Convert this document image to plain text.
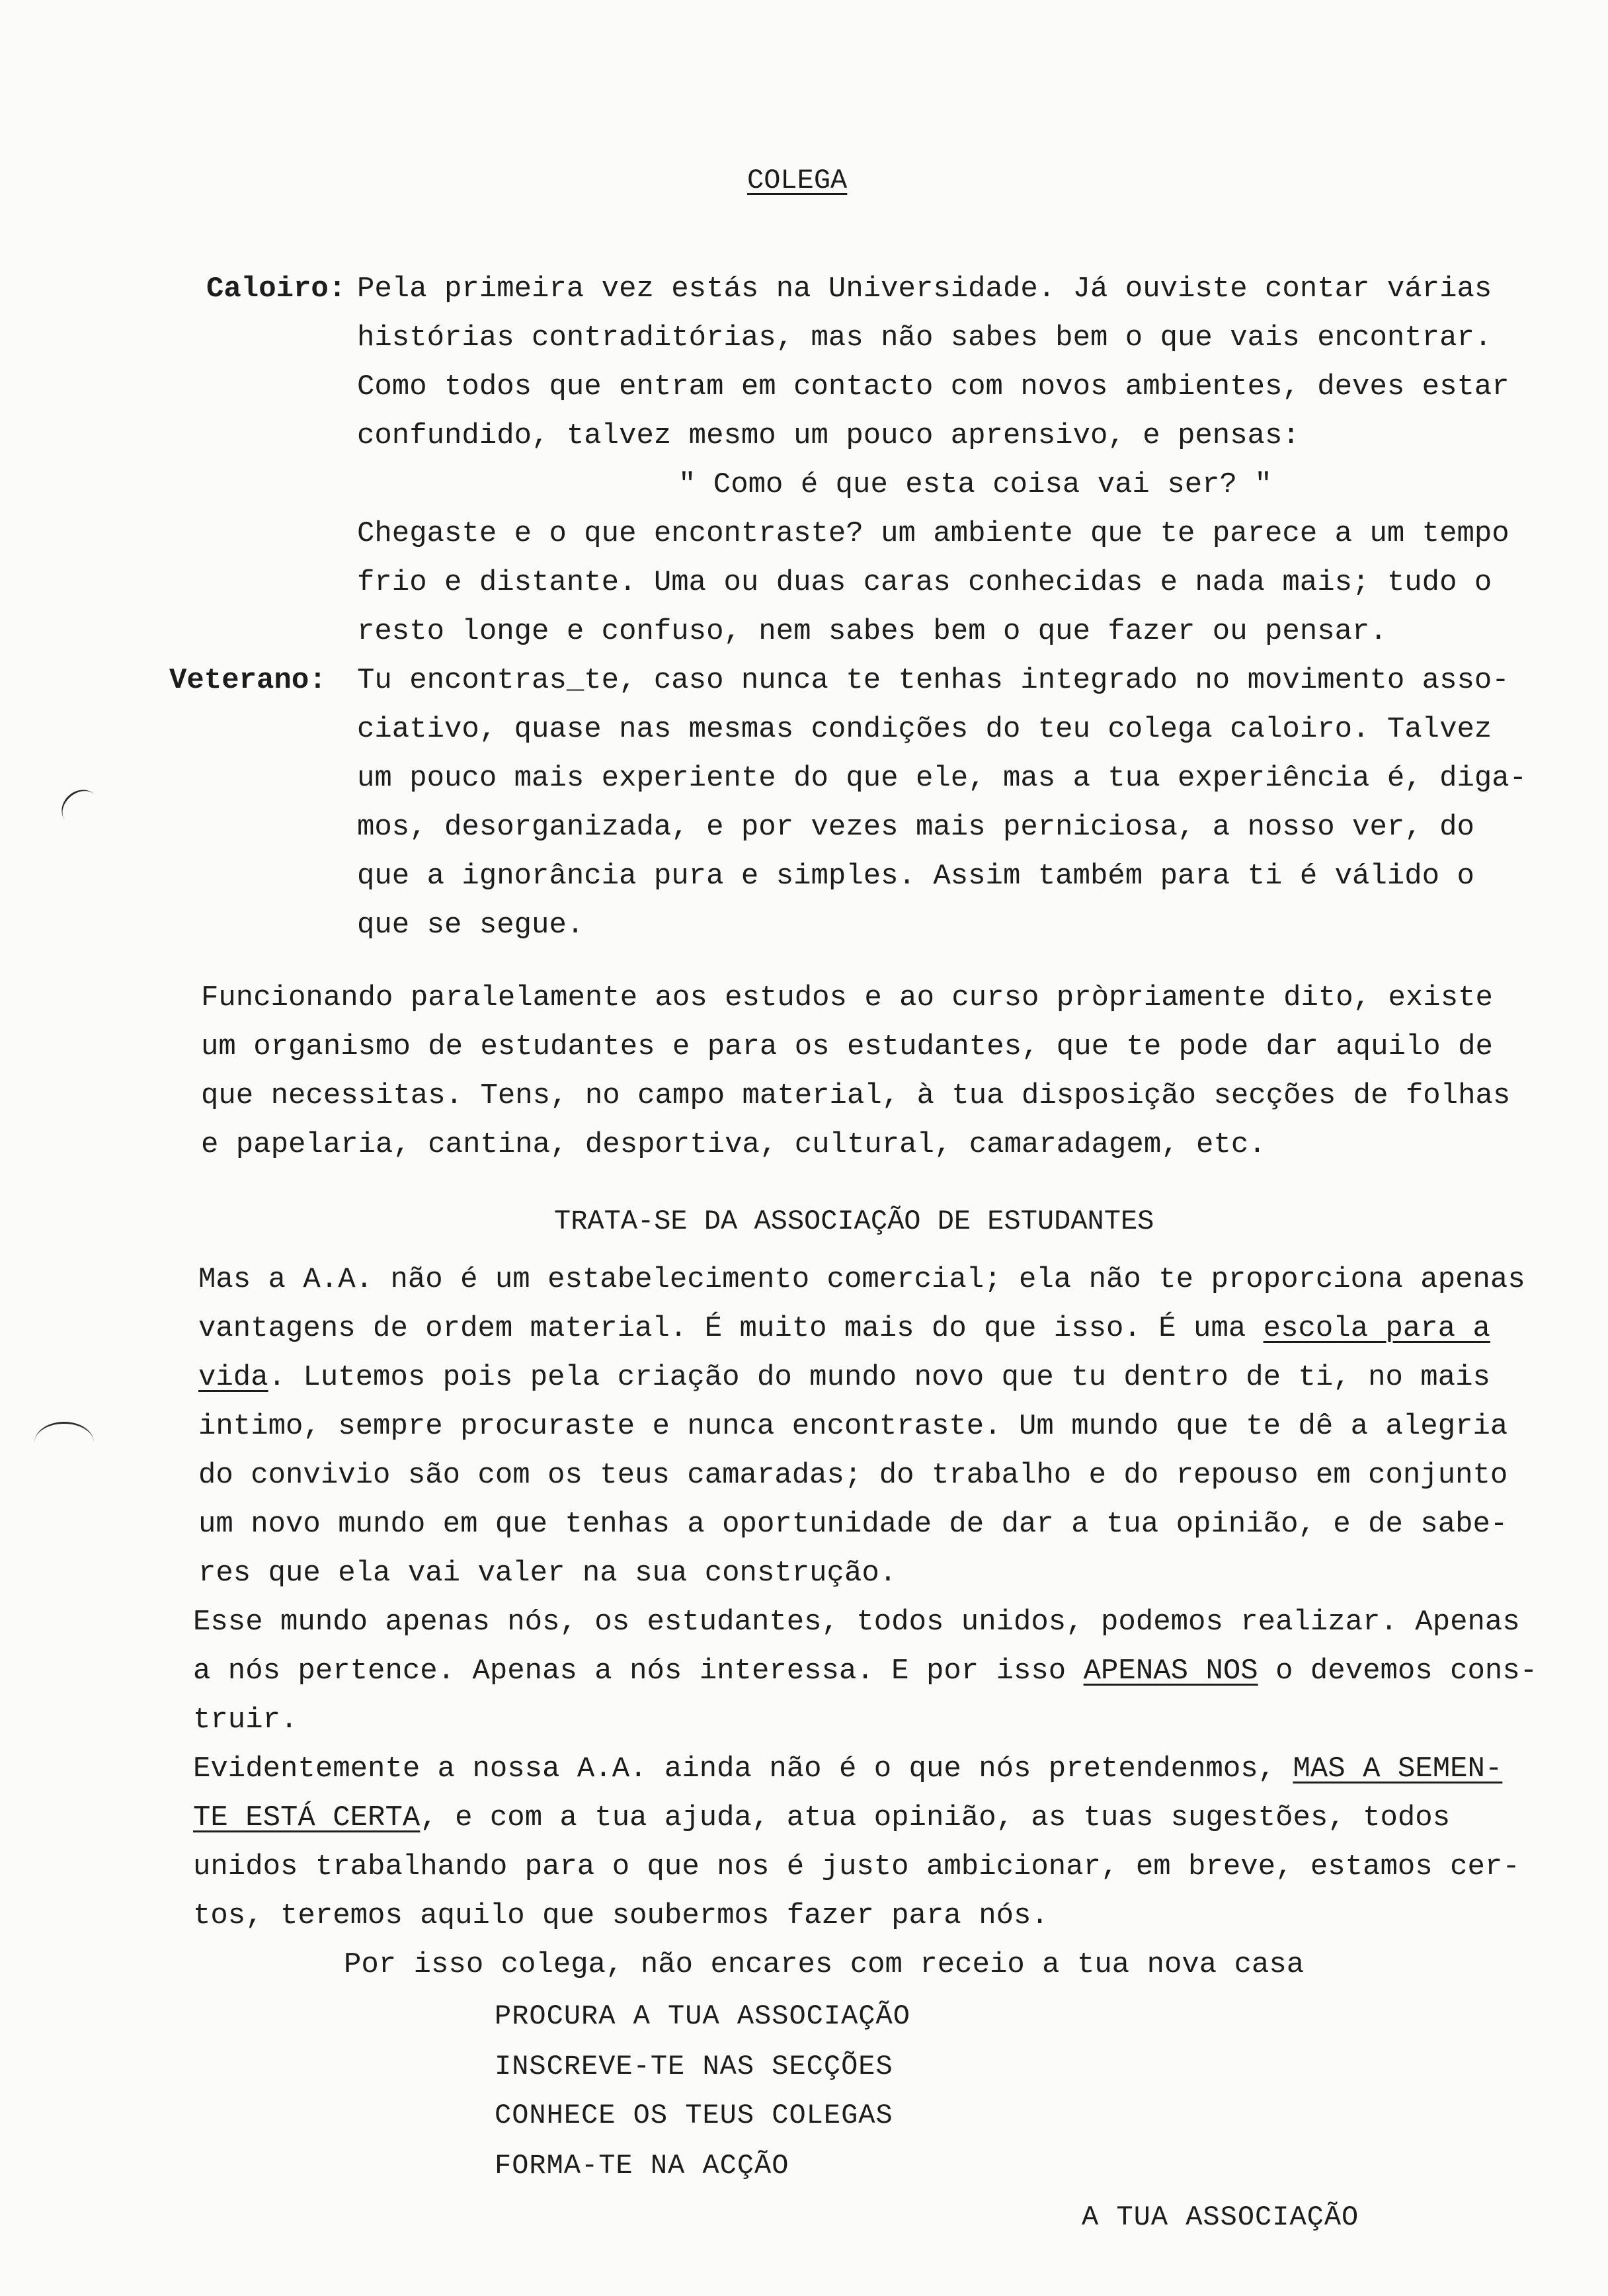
COLEGA
Caloiro: Pela primeira vez estás na Universidade. Já ouviste contar várias
histórias contraditórias, mas não sabes bem o que vais encontrar.
Como todos que entram em contacto com novos ambientes, deves estar
confundido, talvez mesmo um pouco aprensivo, e pensas:
" Como é que esta coisa vai ser? "
Chegaste e o que encontraste? um ambiente que te parece a um tempo
frio e distante. Uma ou duas caras conhecidas e nada mais; tudo o
resto longe e confuso, nem sabes bem o que fazer ou pensar.
Veterano: Tu encontras_te, caso nunca te tenhas integrado no movimento asso-
ciativo, quase nas mesmas condições do teu colega caloiro. Talvez
um pouco mais experiente do que ele, mas a tua experiência é, diga-
mos, desorganizada, e por vezes mais perniciosa, a nosso ver, do
que a ignorância pura e simples. Assim também para ti é válido o
que se segue.
Funcionando paralelamente aos estudos e ao curso pròpriamente dito, existe
um organismo de estudantes e para os estudantes, que te pode dar aquilo de
que necessitas. Tens, no campo material, à tua disposição secções de folhas
e papelaria, cantina, desportiva, cultural, camaradagem, etc.
TRATA-SE DA ASSOCIAÇÃO DE ESTUDANTES
Mas a A.A. não é um estabelecimento comercial; ela não te proporciona apenas
vantagens de ordem material. É muito mais do que isso. É uma escola para a
vida. Lutemos pois pela criação do mundo novo que tu dentro de ti, no mais
intimo, sempre procuraste e nunca encontraste. Um mundo que te dê a alegria
do convivio são com os teus camaradas; do trabalho e do repouso em conjunto
um novo mundo em que tenhas a oportunidade de dar a tua opinião, e de sabe-
res que ela vai valer na sua construção.
Esse mundo apenas nós, os estudantes, todos unidos, podemos realizar. Apenas
a nós pertence. Apenas a nós interessa. E por isso APENAS NOS o devemos cons-
truir.
Evidentemente a nossa A.A. ainda não é o que nós pretendenmos, MAS A SEMEN-
TE ESTÁ CERTA, e com a tua ajuda, atua opinião, as tuas sugestões, todos
unidos trabalhando para o que nos é justo ambicionar, em breve, estamos cer-
tos, teremos aquilo que soubermos fazer para nós.
Por isso colega, não encares com receio a tua nova casa
PROCURA A TUA ASSOCIAÇÃO
INSCREVE-TE NAS SECÇÕES
CONHECE OS TEUS COLEGAS
FORMA-TE NA ACÇÃO
A TUA ASSOCIAÇÃO
